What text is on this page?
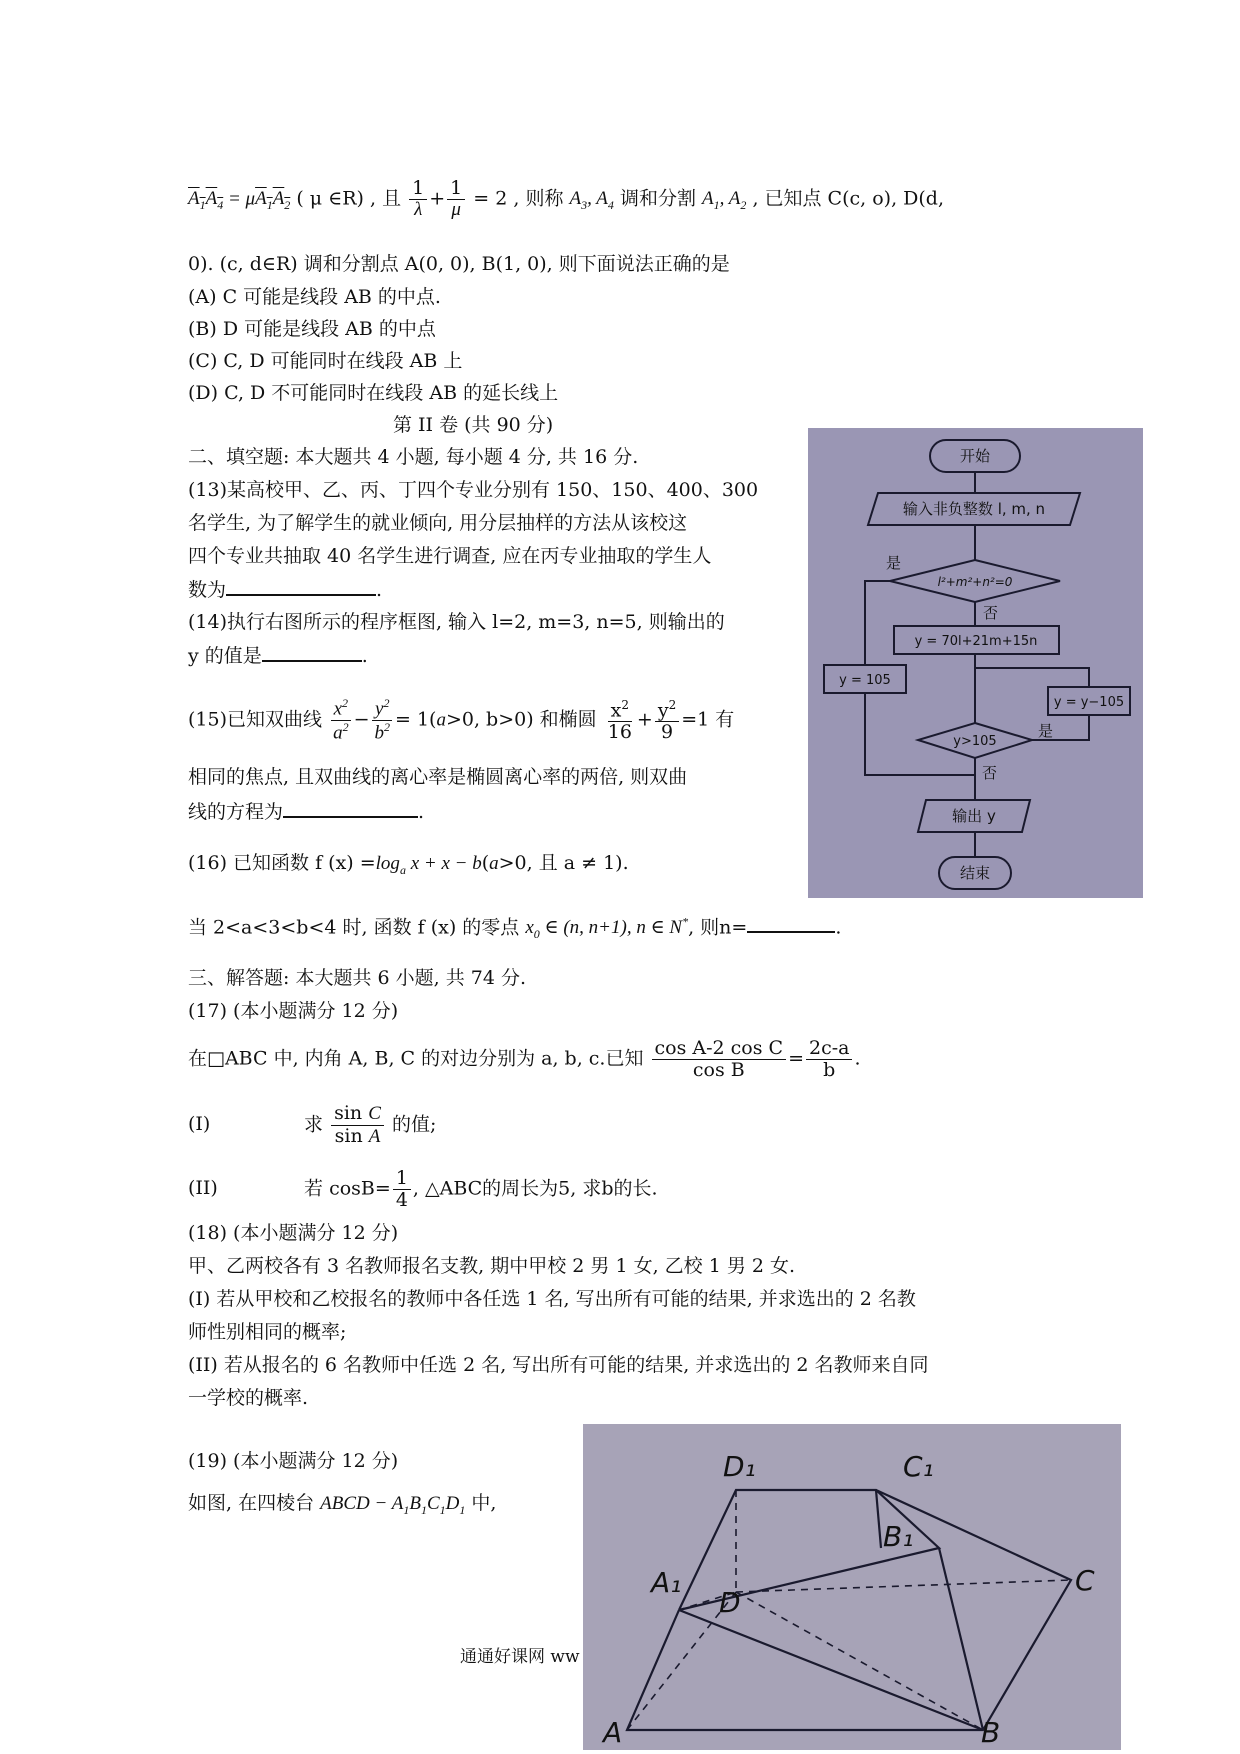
$A_1A_4 = \mu A_1A_2$ ( μ ∈R) , 且 $\frac{1}{\lambda} + \frac{1}{\mu} = 2$ , 则称 $A_3$, $A_4$ 调和分割 $A_1$, $A_2$ , 已知点 C(c, o), D(d,
0). (c, d∈R) 调和分割点 A(0, 0), B(1, 0), 则下面说法正确的是
(A) C 可能是线段 AB 的中点.
(B) D 可能是线段 AB 的中点
(C) C, D 可能同时在线段 AB 上
(D) C, D 不可能同时在线段 AB 的延长线上
第 II 卷 (共 90 分)
二、填空题: 本大题共 4 小题, 每小题 4 分, 共 16 分.
(13)某高校甲、乙、丙、丁四个专业分别有 150、150、400、300
名学生, 为了解学生的就业倾向, 用分层抽样的方法从该校这
四个专业共抽取 40 名学生进行调查, 应在丙专业抽取的学生人
数为	.
(14)执行右图所示的程序框图, 输入 l=2, m=3, n=5, 则输出的
y 的值是	.
(15)已知双曲线 $\frac{x^2}{a^2} - \frac{y^2}{b^2} = 1(a>0$, b>0) 和椭圆 $\frac{x^2}{16} + \frac{y^2}{9} =1$ 有
相同的焦点, 且双曲线的离心率是椭圆离心率的两倍, 则双曲
线的方程为	.
(16) 已知函数 f $(x) =\log_a$ x + x − b(a>0, 且 a ≠ 1).
当 2<a<3<b<4 时, 函数 f (x) 的零点 $x_0$ ∈ (n, n+1), n ∈ N*, 则n=	.
三、解答题: 本大题共 6 小题, 共 74 分.
(17) (本小题满分 12 分)
在□ABC 中, 内角 A, B, C 的对边分别为 a, b, c.已知 $\frac{\text{cos A-2 cos C}}{\text{cos B}} = \frac{2c-a}{b}$ .
(I)	求 $\frac{\text{sin C}}{\text{sin A}}$ 的值;
(II)	若 $\cos B= \frac{1}{4}$ , △ABC的周长为5, 求b的长.
(18) (本小题满分 12 分)
甲、乙两校各有 3 名教师报名支教, 期中甲校 2 男 1 女, 乙校 1 男 2 女.
(I) 若从甲校和乙校报名的教师中各任选 1 名, 写出所有可能的结果, 并求选出的 2 名教
师性别相同的概率;
(II) 若从报名的 6 名教师中任选 2 名, 写出所有可能的结果, 并求选出的 2 名教师来自同
一学校的概率.
(19) (本小题满分 12 分)
如图, 在四棱台 ABCD − $A_1B_1C_1D_1$ 中,
通通好课网 ww
开始
输入非负整数 l, m, n
l²+m²+n²=0
是
否
y = 70l+21m+15n
y = 105
y = y−105
y>105
是
否
输出 y
结束
D₁	C₁
A₁
B₁
C
D
A	B
